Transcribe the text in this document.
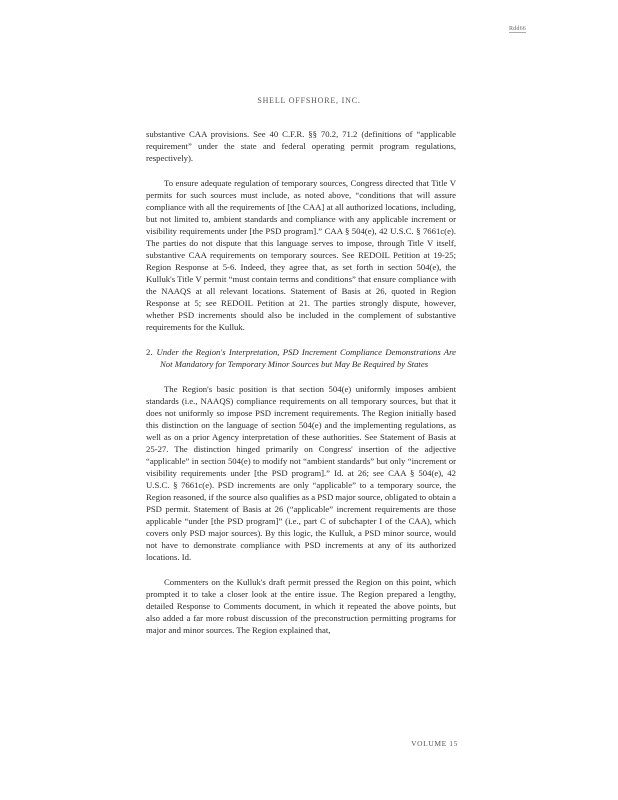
Rdd66
SHELL OFFSHORE, INC.

substantive CAA provisions. See 40 C.F.R. §§ 70.2, 71.2 (definitions of “applicable requirement” under the state and federal operating permit program regulations, respectively).

To ensure adequate regulation of temporary sources, Congress directed that Title V permits for such sources must include, as noted above, “conditions that will assure compliance with all the requirements of [the CAA] at all authorized locations, including, but not limited to, ambient standards and compliance with any applicable increment or visibility requirements under [the PSD program].” CAA § 504(e), 42 U.S.C. § 7661c(e). The parties do not dispute that this language serves to impose, through Title V itself, substantive CAA requirements on temporary sources. See REDOIL Petition at 19-25; Region Response at 5-6. Indeed, they agree that, as set forth in section 504(e), the Kulluk's Title V permit “must contain terms and conditions” that ensure compliance with the NAAQS at all relevant locations. Statement of Basis at 26, quoted in Region Response at 5; see REDOIL Petition at 21. The parties strongly dispute, however, whether PSD increments should also be included in the complement of substantive requirements for the Kulluk.

2. Under the Region's Interpretation, PSD Increment Compliance Demonstrations Are Not Mandatory for Temporary Minor Sources but May Be Required by States

The Region's basic position is that section 504(e) uniformly imposes ambient standards (i.e., NAAQS) compliance requirements on all temporary sources, but that it does not uniformly so impose PSD increment requirements. The Region initially based this distinction on the language of section 504(e) and the implementing regulations, as well as on a prior Agency interpretation of these authorities. See Statement of Basis at 25-27. The distinction hinged primarily on Congress' insertion of the adjective “applicable” in section 504(e) to modify not “ambient standards” but only “increment or visibility requirements under [the PSD program].” Id. at 26; see CAA § 504(e), 42 U.S.C. § 7661c(e). PSD increments are only “applicable” to a temporary source, the Region reasoned, if the source also qualifies as a PSD major source, obligated to obtain a PSD permit. Statement of Basis at 26 (“applicable” increment requirements are those applicable “under [the PSD program]” (i.e., part C of subchapter I of the CAA), which covers only PSD major sources). By this logic, the Kulluk, a PSD minor source, would not have to demonstrate compliance with PSD increments at any of its authorized locations. Id.

Commenters on the Kulluk's draft permit pressed the Region on this point, which prompted it to take a closer look at the entire issue. The Region prepared a lengthy, detailed Response to Comments document, in which it repeated the above points, but also added a far more robust discussion of the preconstruction permitting programs for major and minor sources. The Region explained that,

VOLUME 15
